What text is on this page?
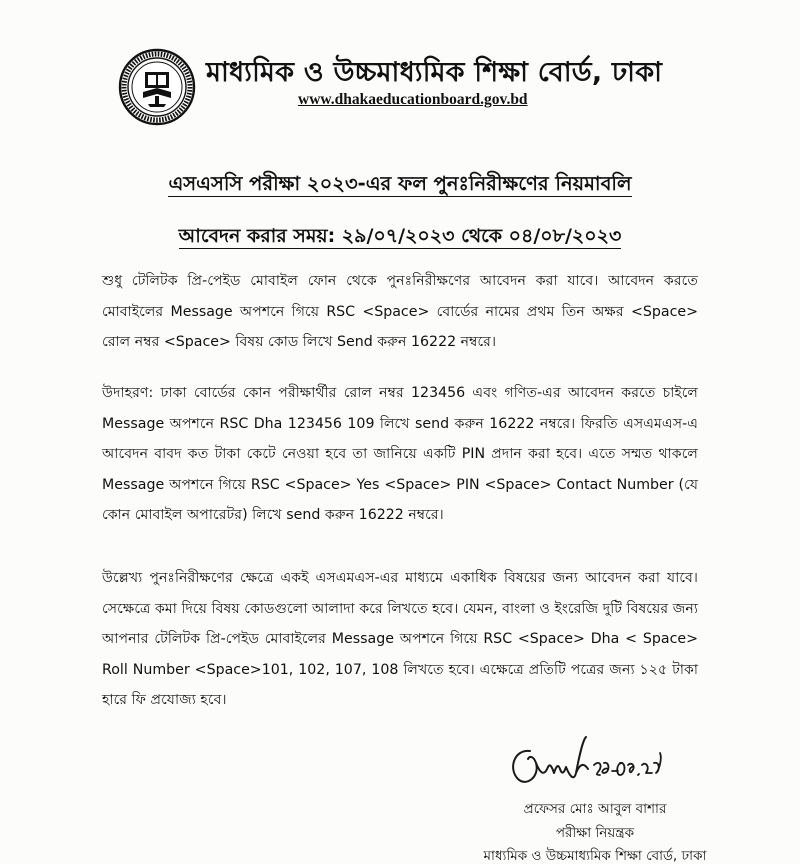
মাধ্যমিক ও উচ্চমাধ্যমিক শিক্ষা বোর্ড, ঢাকা
www.dhakaeducationboard.gov.bd
এসএসসি পরীক্ষা ২০২৩-এর ফল পুনঃনিরীক্ষণের নিয়মাবলি
আবেদন করার সময়: ২৯/০৭/২০২৩ থেকে ০৪/০৮/২০২৩

শুধু টেলিটক প্রি-পেইড মোবাইল ফোন থেকে পুনঃনিরীক্ষণের আবেদন করা যাবে। আবেদন করতে মোবাইলের Message অপশনে গিয়ে RSC <Space> বোর্ডের নামের প্রথম তিন অক্ষর <Space> রোল নম্বর <Space> বিষয় কোড লিখে Send করুন 16222 নম্বরে।

উদাহরণ: ঢাকা বোর্ডের কোন পরীক্ষার্থীর রোল নম্বর 123456 এবং গণিত-এর আবেদন করতে চাইলে Message অপশনে RSC Dha 123456 109 লিখে send করুন 16222 নম্বরে। ফিরতি এসএমএস-এ আবেদন বাবদ কত টাকা কেটে নেওয়া হবে তা জানিয়ে একটি PIN প্রদান করা হবে। এতে সম্মত থাকলে Message অপশনে গিয়ে RSC <Space> Yes <Space> PIN <Space> Contact Number (যে কোন মোবাইল অপারেটর) লিখে send করুন 16222 নম্বরে।

উল্লেখ্য পুনঃনিরীক্ষণের ক্ষেত্রে একই এসএমএস-এর মাধ্যমে একাধিক বিষয়ের জন্য আবেদন করা যাবে। সেক্ষেত্রে কমা দিয়ে বিষয় কোডগুলো আলাদা করে লিখতে হবে। যেমন, বাংলা ও ইংরেজি দুটি বিষয়ের জন্য আপনার টেলিটক প্রি-পেইড মোবাইলের Message অপশনে গিয়ে RSC <Space> Dha < Space> Roll Number <Space>101, 102, 107, 108 লিখতে হবে। এক্ষেত্রে প্রতিটি পত্রের জন্য ১২৫ টাকা হারে ফি প্রযোজ্য হবে।

প্রফেসর মোঃ আবুল বাশার
পরীক্ষা নিয়ন্ত্রক
মাধ্যমিক ও উচ্চমাধ্যমিক শিক্ষা বোর্ড, ঢাকা
